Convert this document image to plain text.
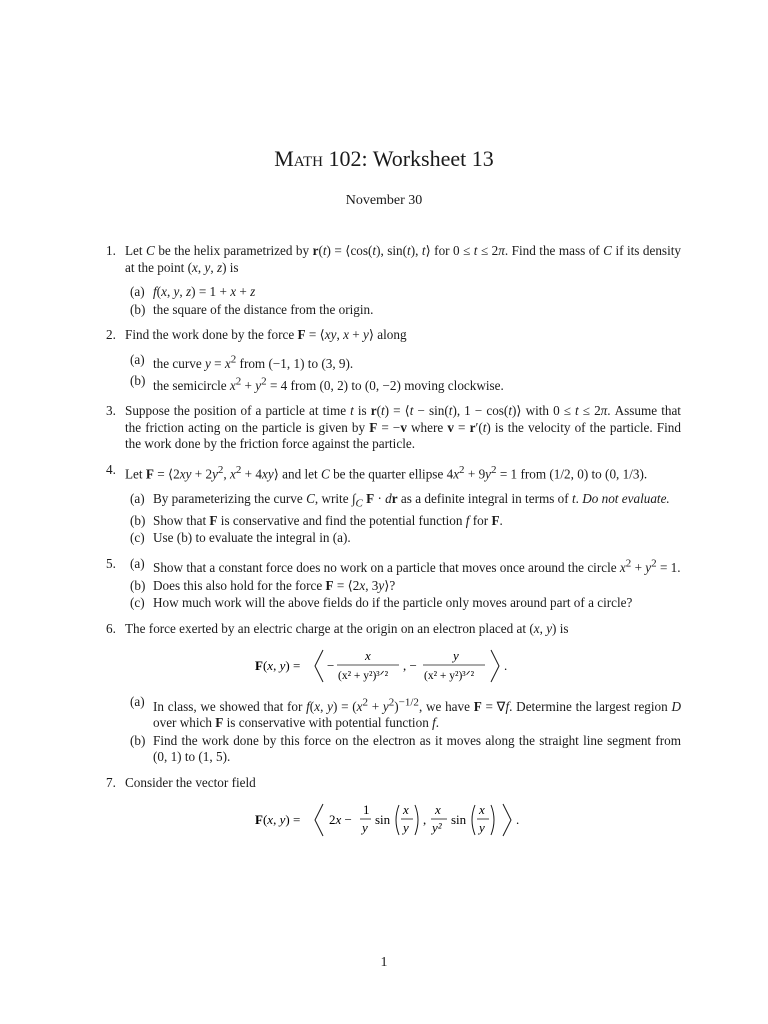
Math 102: Worksheet 13
November 30
1. Let C be the helix parametrized by r(t) = ⟨cos(t), sin(t), t⟩ for 0 ≤ t ≤ 2π. Find the mass of C if its density at the point (x, y, z) is
(a) f(x, y, z) = 1 + x + z
(b) the square of the distance from the origin.
2. Find the work done by the force F = ⟨xy, x + y⟩ along
(a) the curve $y = x^2$ from (−1, 1) to (3, 9).
(b) the semicircle $x^2 + y^2 = 4$ from (0, 2) to (0, −2) moving clockwise.
3. Suppose the position of a particle at time t is r(t) = ⟨t − sin(t), 1 − cos(t)⟩ with 0 ≤ t ≤ 2π. Assume that the friction acting on the particle is given by F = −v where v = r′(t) is the velocity of the particle. Find the work done by the friction force against the particle.
4. Let F = ⟨2xy + $2y^2$, $x^2$ + 4xy⟩ and let C be the quarter ellipse $4x^2 + 9y^2 = 1$ from (1/2, 0) to (0, 1/3).
(a) By parameterizing the curve C, write $\int_C$ F · dr as a definite integral in terms of t. Do not evaluate.
(b) Show that F is conservative and find the potential function f for F.
(c) Use (b) to evaluate the integral in (a).
5. (a) Show that a constant force does no work on a particle that moves once around the circle $x^2 + y^2 = 1$.
(b) Does this also hold for the force F = ⟨2x, 3y⟩?
(c) How much work will the above fields do if the particle only moves around part of a circle?
6. The force exerted by an electric charge at the origin on an electron placed at (x, y) is
F(x, y) = −
x
(x² + y²)³ᐟ²
, −
y
(x² + y²)³ᐟ²
.
(a) In class, we showed that for f(x, $y) = (x^2 + y^2)^{-1/2}$, we have F = ∇f. Determine the largest region D over which F is conservative with potential function f.
(b) Find the work done by this force on the electron as it moves along the straight line segment from (0, 1) to (1, 5).
7. Consider the vector field
F(x, y) = 2x −
1
y
sin
x
y
,
x
y²
sin
x
y
.
1
